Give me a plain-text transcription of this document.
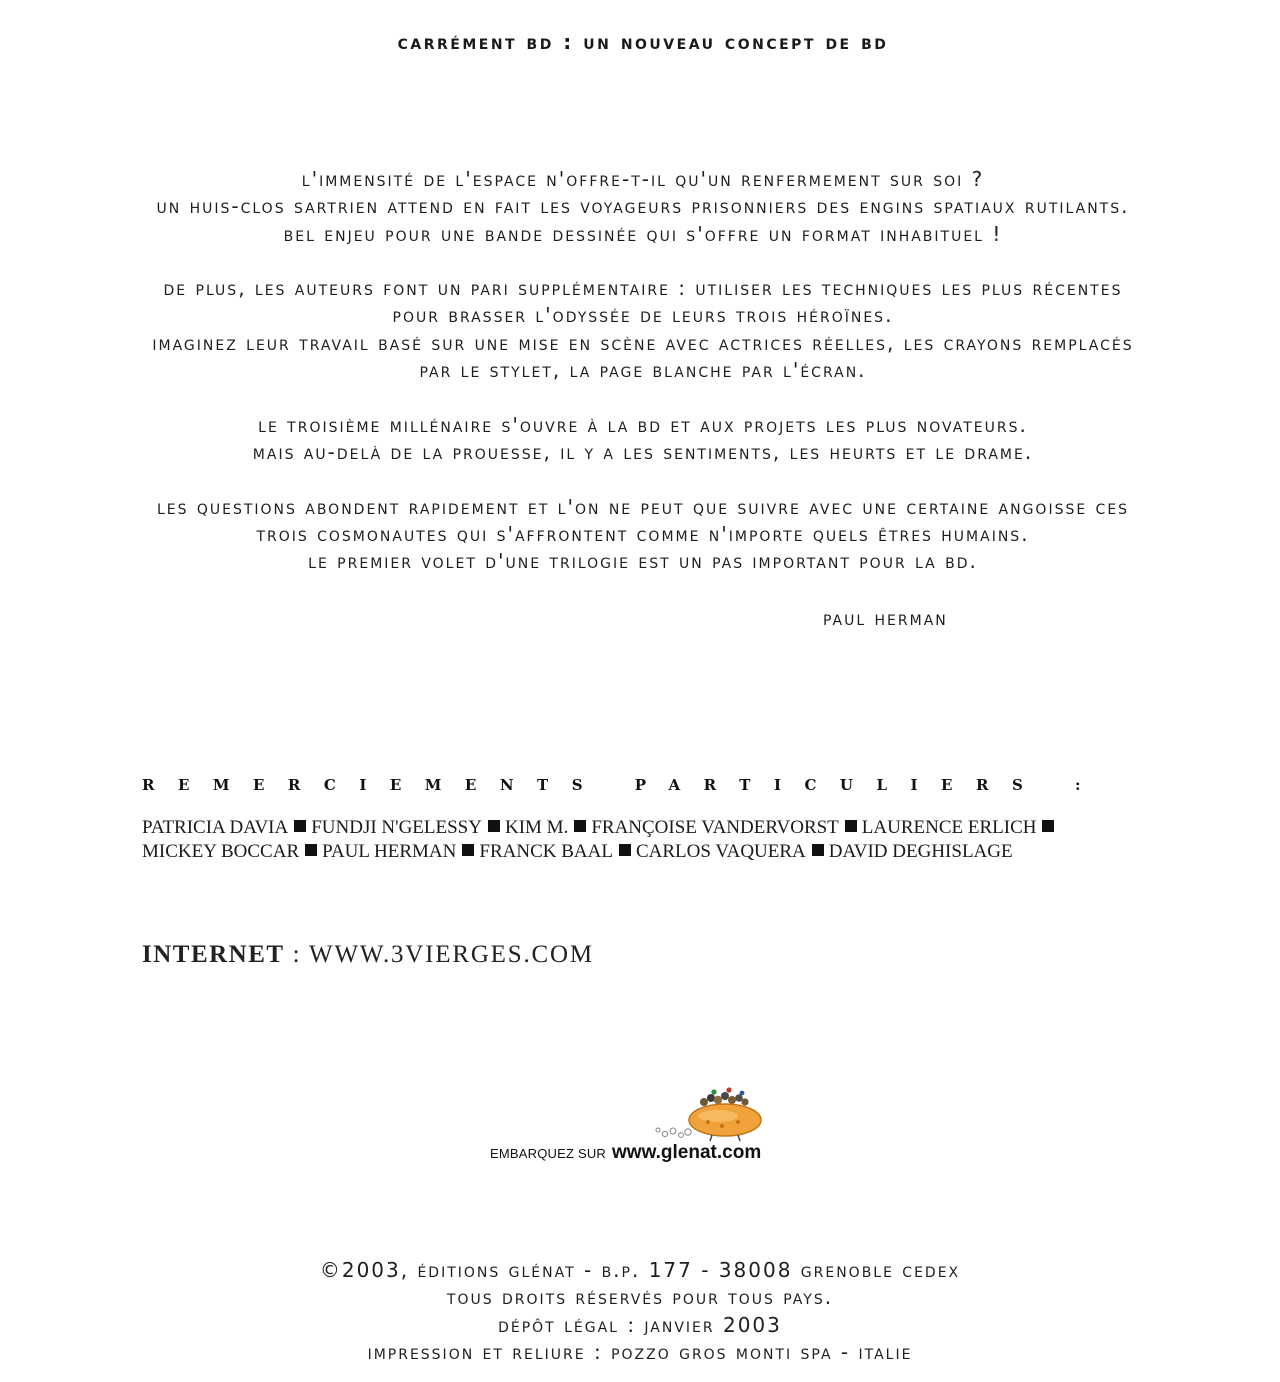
carrément bd : un nouveau concept de bd

l'immensité de l'espace n'offre-t-il qu'un renfermement sur soi ?
un huis-clos sartrien attend en fait les voyageurs prisonniers des engins spatiaux rutilants.
bel enjeu pour une bande dessinée qui s'offre un format inhabituel !

de plus, les auteurs font un pari supplémentaire : utiliser les techniques les plus récentes
pour brasser l'odyssée de leurs trois héroïnes.
imaginez leur travail basé sur une mise en scène avec actrices réelles, les crayons remplacés
par le stylet, la page blanche par l'écran.

le troisième millénaire s'ouvre à la bd et aux projets les plus novateurs.
mais au-delà de la prouesse, il y a les sentiments, les heurts et le drame.

les questions abondent rapidement et l'on ne peut que suivre avec une certaine angoisse ces
trois cosmonautes qui s'affrontent comme n'importe quels êtres humains.
le premier volet d'une trilogie est un pas important pour la bd.

paul herman
REMERCIEMENTS PARTICULIERS :
PATRICIA DAVIA FUNDJI N'GELESSY KIM M. FRANÇOISE VANDERVORST LAURENCE ERLICH
MICKEY BOCCAR PAUL HERMAN FRANCK BAAL CARLOS VAQUERA DAVID DEGHISLAGE
INTERNET : WWW.3VIERGES.COM
EMBARQUEZ SUR www.glenat.com
©2003, éditions glénat - b.p. 177 - 38008 grenoble cedex
tous droits réservés pour tous pays.
dépôt légal : janvier 2003
impression et reliure : pozzo gros monti spa - italie
